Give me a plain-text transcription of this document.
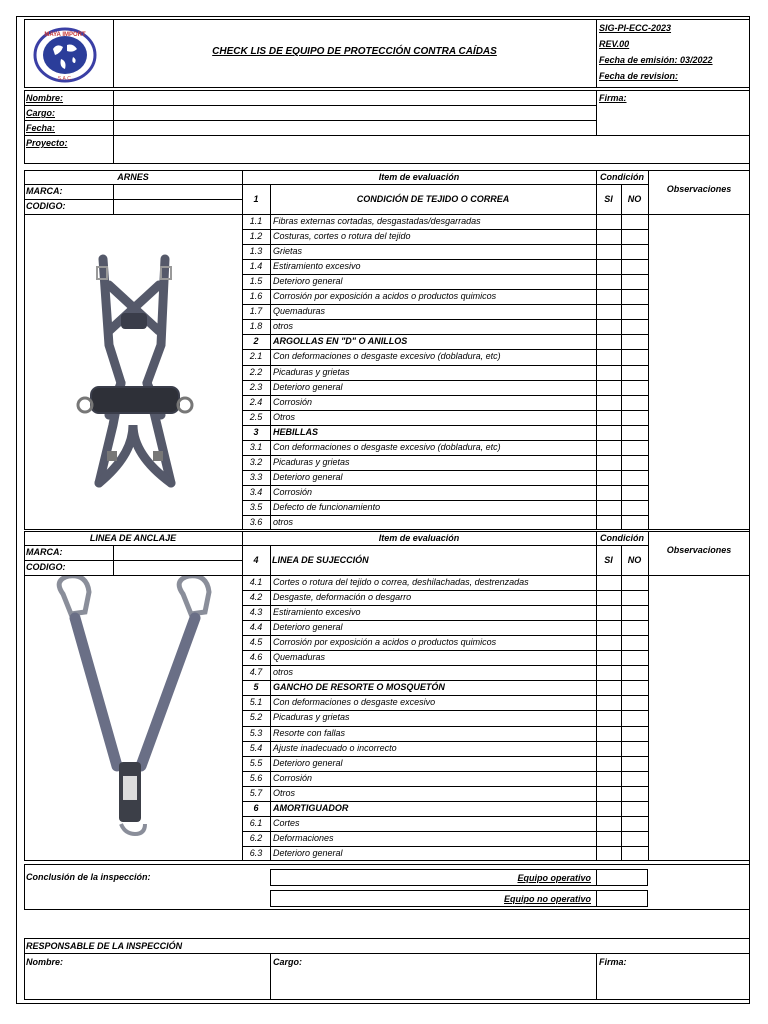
MAYA IMPORT
S.A.C.
CHECK LIS DE EQUIPO DE PROTECCIÓN CONTRA CAÍDAS
SIG-PI-ECC-2023
REV.00
Fecha de emisión: 03/2022
Fecha de revision:
Nombre:
Cargo:
Fecha:
Proyecto:
Firma:
ARNES	Item de evaluación	Condición
Observaciones
MARCA:
CODIGO:
1	CONDICIÓN DE TEJIDO O CORREA	SI	NO
1.1	Fibras externas cortadas, desgastadas/desgarradas
1.2	Costuras, cortes o rotura del tejido
1.3	Grietas
1.4	Estiramiento excesivo
1.5	Deterioro general
1.6	Corrosión por exposición a acidos o productos quimicos
1.7	Quemaduras
1.8	otros
2	ARGOLLAS EN "D" O ANILLOS
2.1	Con deformaciones o desgaste excesivo (dobladura, etc)
2.2	Picaduras y grietas
2.3	Deterioro general
2.4	Corrosión
2.5	Otros
3	HEBILLAS
3.1	Con deformaciones o desgaste excesivo (dobladura, etc)
3.2	Picaduras y grietas
3.3	Deterioro general
3.4	Corrosión
3.5	Defecto de funcionamiento
3.6	otros
LINEA DE ANCLAJE	Item de evaluación	Condición
Observaciones
MARCA:
CODIGO:
4	LINEA DE SUJECCIÓN	SI	NO
4.1	Cortes o rotura del tejido o correa, deshilachadas, destrenzadas
4.2	Desgaste, deformación o desgarro
4.3	Estiramiento excesivo
4.4	Deterioro general
4.5	Corrosión por exposición a acidos o productos quimicos
4.6	Quemaduras
4.7	otros
5	GANCHO DE RESORTE O MOSQUETÓN
5.1	Con deformaciones o desgaste excesivo
5.2	Picaduras y grietas
5.3	Resorte con fallas
5.4	Ajuste inadecuado o incorrecto
5.5	Deterioro general
5.6	Corrosión
5.7	Otros
6	AMORTIGUADOR
6.1	Cortes
6.2	Deformaciones
6.3	Deterioro general
Conclusión de la inspección:	Equipo operativo
Equipo no operativo
RESPONSABLE DE LA INSPECCIÓN
Nombre:	Cargo:	Firma:
